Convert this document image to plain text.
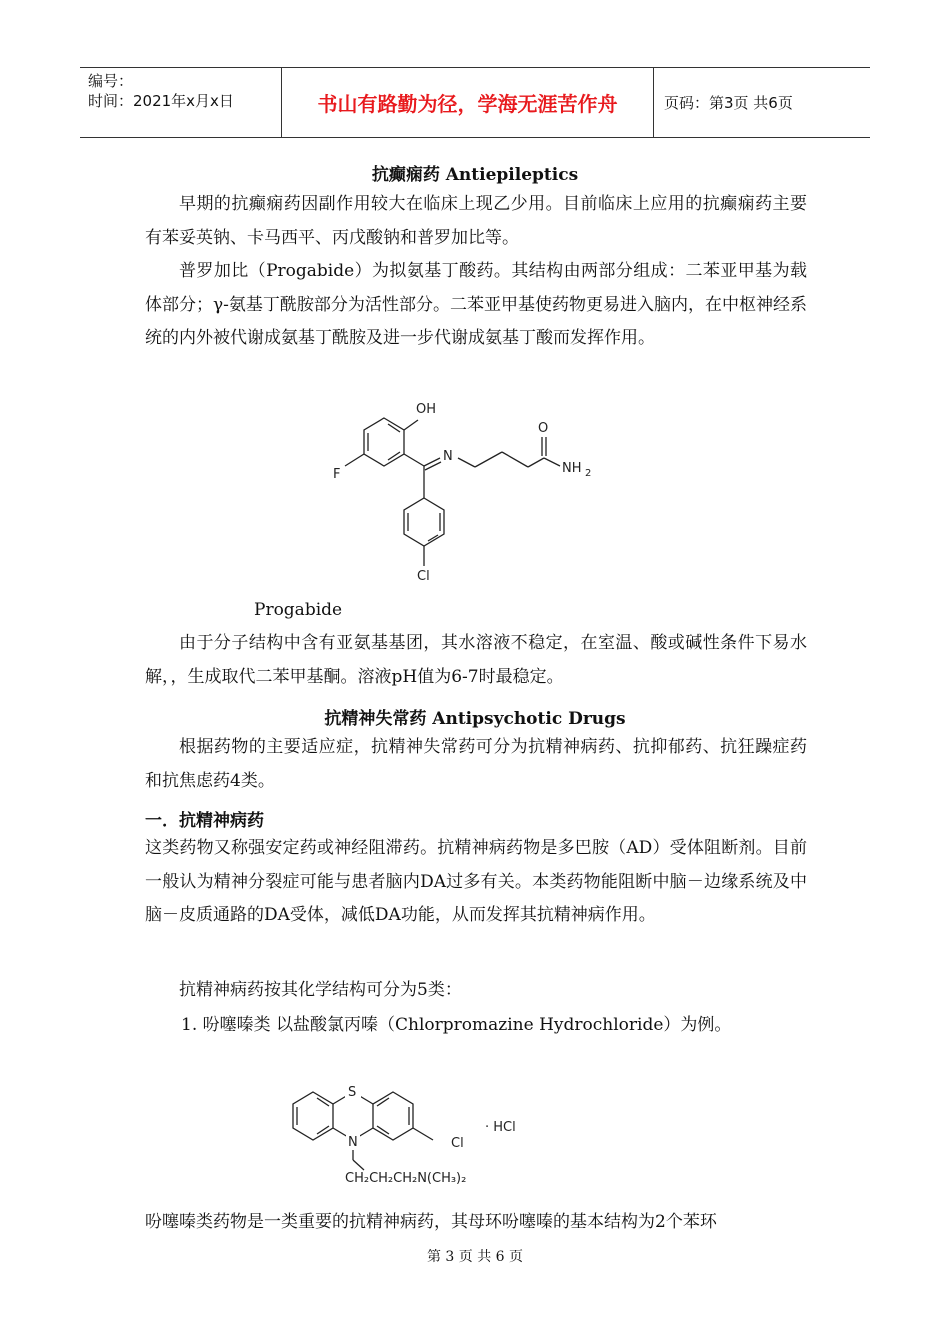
编号：
时间：2021年x月x日	书山有路勤为径，学海无涯苦作舟	页码：第3页 共6页
抗癫痫药 Antiepileptics

早期的抗癫痫药因副作用较大在临床上现乙少用。目前临床上应用的抗癫痫药主要有苯妥英钠、卡马西平、丙戊酸钠和普罗加比等。

普罗加比（Progabide）为拟氨基丁酸药。其结构由两部分组成：二苯亚甲基为载体部分；γ-氨基丁酰胺部分为活性部分。二苯亚甲基使药物更易进入脑内，在中枢神经系统的内外被代谢成氨基丁酰胺及进一步代谢成氨基丁酸而发挥作用。

OH
O
N
NH 2
F
Cl
Progabide

由于分子结构中含有亚氨基基团，其水溶液不稳定，在室温、酸或碱性条件下易水解，，生成取代二苯甲基酮。溶液pH值为6-7时最稳定。

抗精神失常药 Antipsychotic Drugs

根据药物的主要适应症，抗精神失常药可分为抗精神病药、抗抑郁药、抗狂躁症药和抗焦虑药4类。

一．抗精神病药

这类药物又称强安定药或神经阻滞药。抗精神病药物是多巴胺（AD）受体阻断剂。目前一般认为精神分裂症可能与患者脑内DA过多有关。本类药物能阻断中脑－边缘系统及中脑－皮质通路的DA受体，减低DA功能，从而发挥其抗精神病作用。

抗精神病药按其化学结构可分为5类：
1. 吩噻嗪类 以盐酸氯丙嗪（Chlorpromazine Hydrochloride）为例。
S
N	Cl
· HCl
CH₂CH₂CH₂N(CH₃)₂
吩噻嗪类药物是一类重要的抗精神病药，其母环吩噻嗪的基本结构为2个苯环
第 3 页 共 6 页
